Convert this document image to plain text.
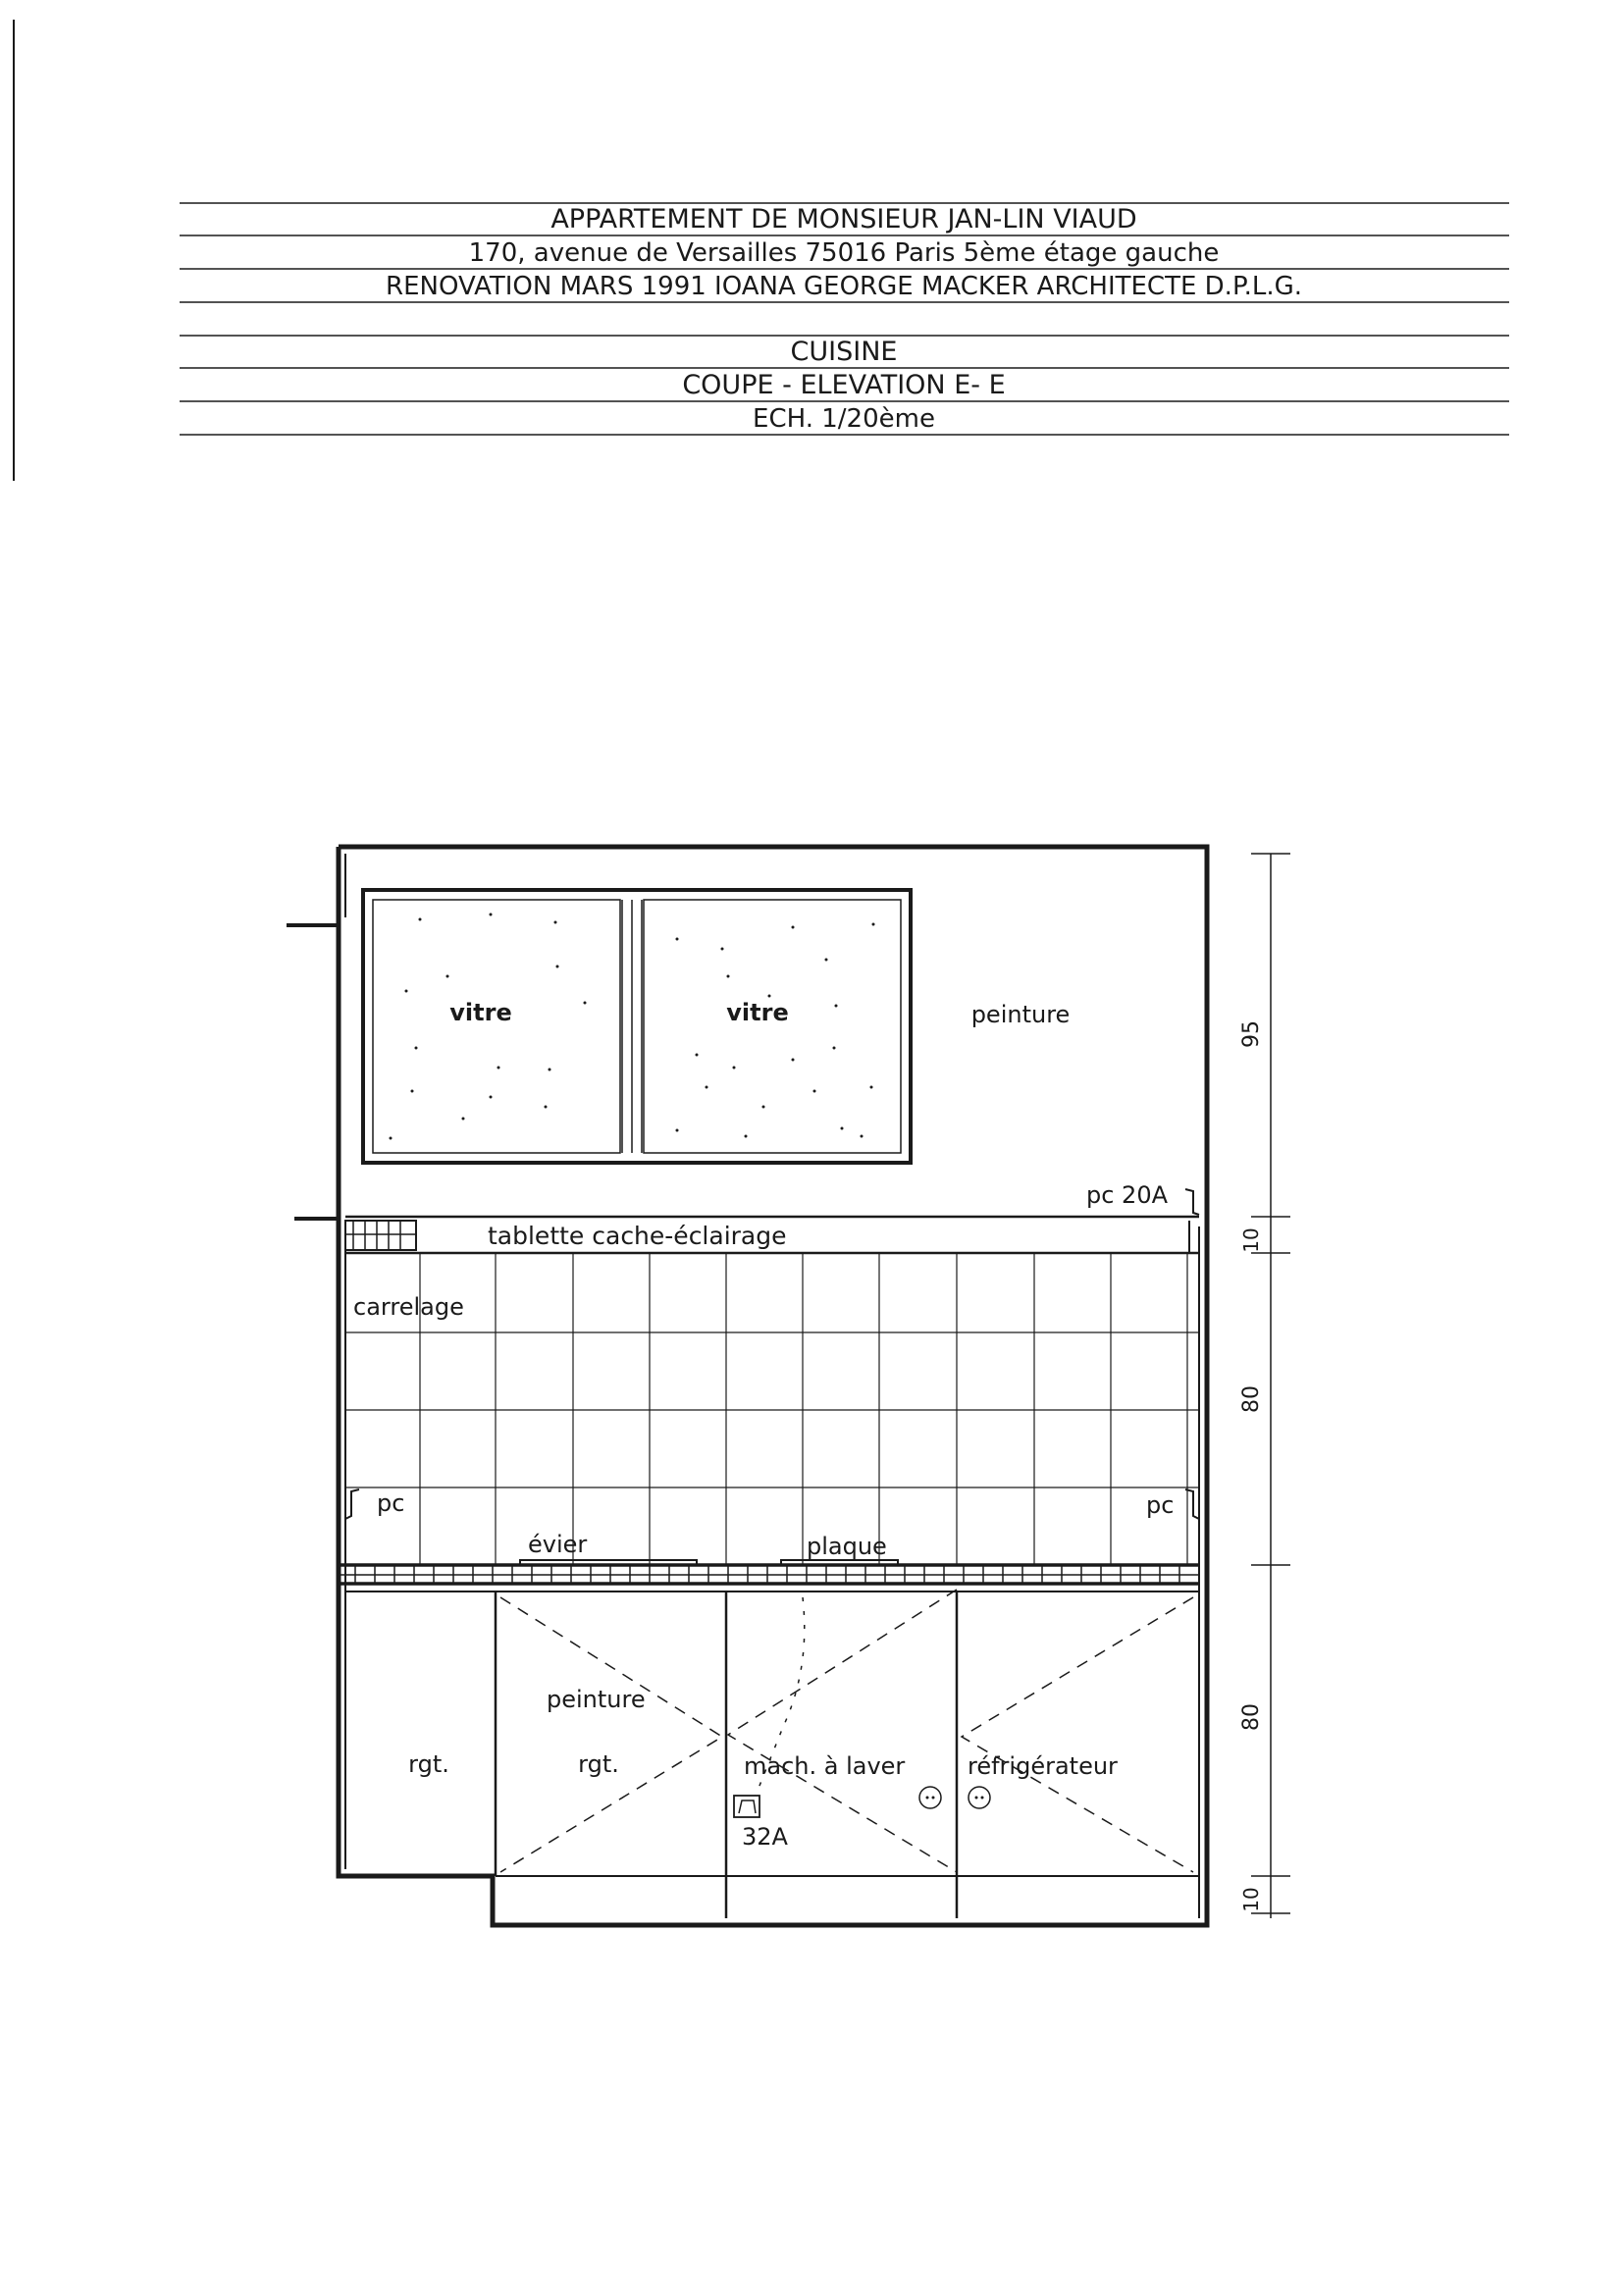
APPARTEMENT DE MONSIEUR JAN-LIN VIAUD
170, avenue de Versailles 75016 Paris 5ème étage gauche
RENOVATION MARS 1991 IOANA GEORGE MACKER ARCHITECTE D.P.L.G.
CUISINE
COUPE - ELEVATION E- E
ECH. 1/20ème
vitre	vitre	peinture
pc 20A
tablette cache-éclairage
carrelage
pc	pc
évier	plaque
peinture
rgt.	rgt.	mach. à laver	réfrigérateur
32A
95
10
80
80
10
